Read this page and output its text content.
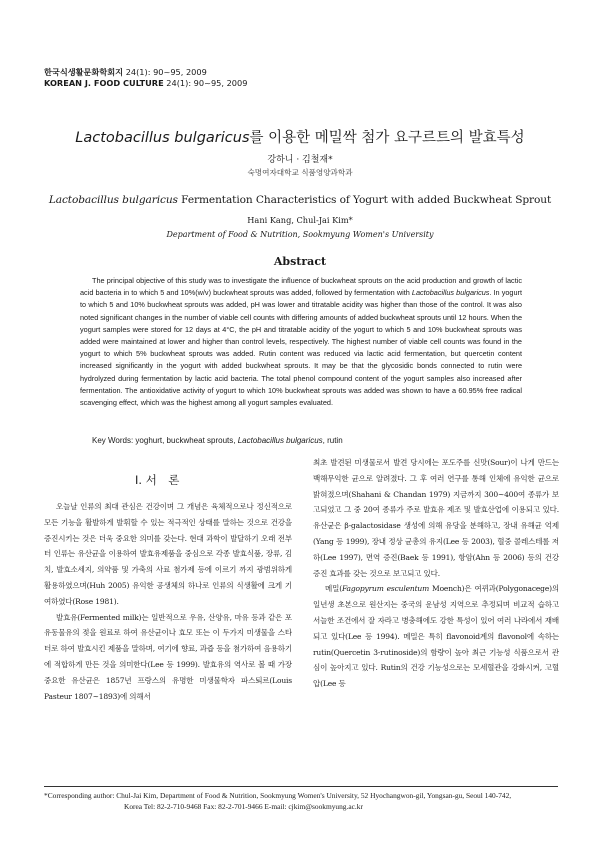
한국식생활문화학회지 24(1): 90~95, 2009
KOREAN J. FOOD CULTURE 24(1): 90~95, 2009
Lactobacillus bulgaricus를 이용한 메밀싹 첨가 요구르트의 발효특성
강하니 · 김철재*
숙명여자대학교 식품영양과학과
Lactobacillus bulgaricus Fermentation Characteristics of Yogurt with added Buckwheat Sprout
Hani Kang, Chul-Jai Kim*
Department of Food & Nutrition, Sookmyung Women's University
Abstract
The principal objective of this study was to investigate the influence of buckwheat sprouts on the acid production and growth of lactic acid bacteria in to which 5 and 10%(w/v) buckwheat sprouts was added, followed by fermentation with Lactobacillus bulgaricus. In yogurt to which 5 and 10% buckwheat sprouts was added, pH was lower and titratable acidity was higher than those of the control. It was also noted significant changes in the number of viable cell counts with differing amounts of added buckwheat sprouts until 12 hours. When the yogurt samples were stored for 12 days at 4°C, the pH and titratable acidity of the yogurt to which 5 and 10% buckwheat sprouts was added were maintained at lower and higher than control levels, respectively. The highest number of viable cell counts was found in the yogurt to which 5% buckwheat sprouts was added. Rutin content was reduced via lactic acid fermentation, but quercetin content increased significantly in the yogurt with added buckwheat sprouts. It may be that the glycosidic bonds connected to rutin were hydrolyzed during fermentation by lactic acid bacteria. The total phenol compound content of the yogurt samples also increased after fermentation. The antioxidative activity of yogurt to which 10% buckwheat sprouts was added was shown to have a 60.95% free radical scavenging effect, which was the highest among all yogurt samples evaluated.
Key Words: yoghurt, buckwheat sprouts, Lactobacillus bulgaricus, rutin
I. 서　론

오늘날 인류의 최대 관심은 건강이며 그 개념은 육체적으로나 정신적으로 모든 기능을 활발하게 발휘할 수 있는 적극적인 상태를 말하는 것으로 건강을 증진시키는 것은 더욱 중요한 의미를 갖는다. 현대 과학이 발달하기 오래 전부터 인류는 유산균을 이용하여 발효유제품을 중심으로 각종 발효식품, 장류, 김치, 발효소세지, 의약품 및 가축의 사료 첨가제 등에 이르기 까지 광범위하게 활용하였으며(Huh 2005) 유익한 공생체의 하나로 인류의 식생활에 크게 기여하였다(Rose 1981).

발효유(Fermented milk)는 일반적으로 우유, 산양유, 마유 등과 같은 포유동물유의 젖을 원료로 하여 유산균이나 효모 또는 이 두가지 미생물을 스타터로 하여 발효시킨 제품을 말하며, 여기에 향료, 과즙 등을 첨가하여 음용하기에 적합하게 만든 것을 의미한다(Lee 등 1999). 발효유의 역사로 볼 때 가장 중요한 유산균은 1857년 프랑스의 유명한 미생물학자 파스퇴르(Louis Pasteur 1807~1893)에 의해서

최초 발견된 미생물로서 발견 당시에는 포도주를 신맛(Sour)이 나게 만드는 백해무익한 균으로 알려졌다. 그 후 여러 연구를 통해 인체에 유익한 균으로 밝혀졌으며(Shahani & Chandan 1979) 지금까지 300~400여 종류가 보고되었고 그 중 20여 종류가 주로 발효유 제조 및 발효산업에 이용되고 있다. 유산균은 β-galactosidase 생성에 의해 유당을 분해하고, 장내 유해균 억제(Yang 등 1999), 장내 정상 균총의 유지(Lee 등 2003), 혈중 콜레스테롤 저하(Lee 1997), 면역 증진(Baek 등 1991), 항암(Ahn 등 2006) 등의 건강 증진 효과를 갖는 것으로 보고되고 있다.

메밀(Fagopyrum esculentum Moench)은 여뀌과(Polygonacege)의 일년생 초본으로 원산지는 중국의 운남성 지역으로 추정되며 비교적 습하고 서늘한 조건에서 잘 자라고 병충해에도 강한 특성이 있어 여러 나라에서 재배되고 있다(Lee 등 1994). 메밀은 특히 flavonoid계의 flavonol에 속하는 rutin(Quercetin 3-rutinoside)의 함량이 높아 최근 기능성 식품으로서 관심이 높아지고 있다. Rutin의 건강 기능성으로는 모세혈관을 강화시켜, 고혈압(Lee 등

*Corresponding author: Chul-Jai Kim, Department of Food & Nutrition, Sookmyung Women's University, 52 Hyochangwon-gil, Yongsan-gu, Seoul 140-742,
Korea Tel: 82-2-710-9468 Fax: 82-2-701-9466 E-mail: cjkim@sookmyung.ac.kr
